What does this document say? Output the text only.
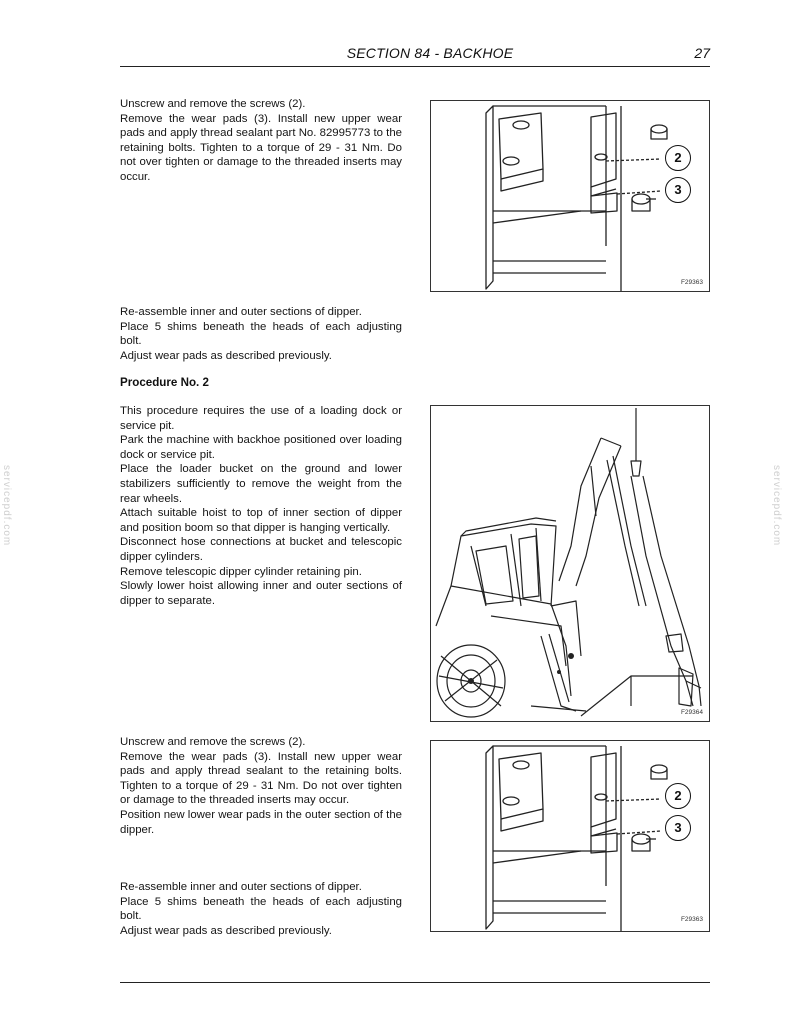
SECTION 84 - BACKHOE	27
servicepdf.com	servicepdf.com
Unscrew and remove the screws (2).
Remove the wear pads (3). Install new upper wear pads and apply thread sealant part No. 82995773 to the retaining bolts. Tighten to a torque of 29 - 31 Nm. Do not over tighten or damage to the threaded inserts may occur.
2
3
F29363
Re-assemble inner and outer sections of dipper.
Place 5 shims beneath the heads of each adjusting bolt.
Adjust wear pads as described previously.
Procedure No. 2
This procedure requires the use of a loading dock or service pit.
Park the machine with backhoe positioned over loading dock or service pit.
Place the loader bucket on the ground and lower stabilizers sufficiently to remove the weight from the rear wheels.
Attach suitable hoist to top of inner section of dipper and position boom so that dipper is hanging vertically.
Disconnect hose connections at bucket and telescopic dipper cylinders.
Remove telescopic dipper cylinder retaining pin.
Slowly lower hoist allowing inner and outer sections of dipper to separate.
F29364
Unscrew and remove the screws (2).
Remove the wear pads (3). Install new upper wear pads and apply thread sealant to the retaining bolts. Tighten to a torque of 29 - 31 Nm. Do not over tighten or damage to the threaded inserts may occur.
Position new lower wear pads in the outer section of the dipper.
2
3
F29363
Re-assemble inner and outer sections of dipper.
Place 5 shims beneath the heads of each adjusting bolt.
Adjust wear pads as described previously.
